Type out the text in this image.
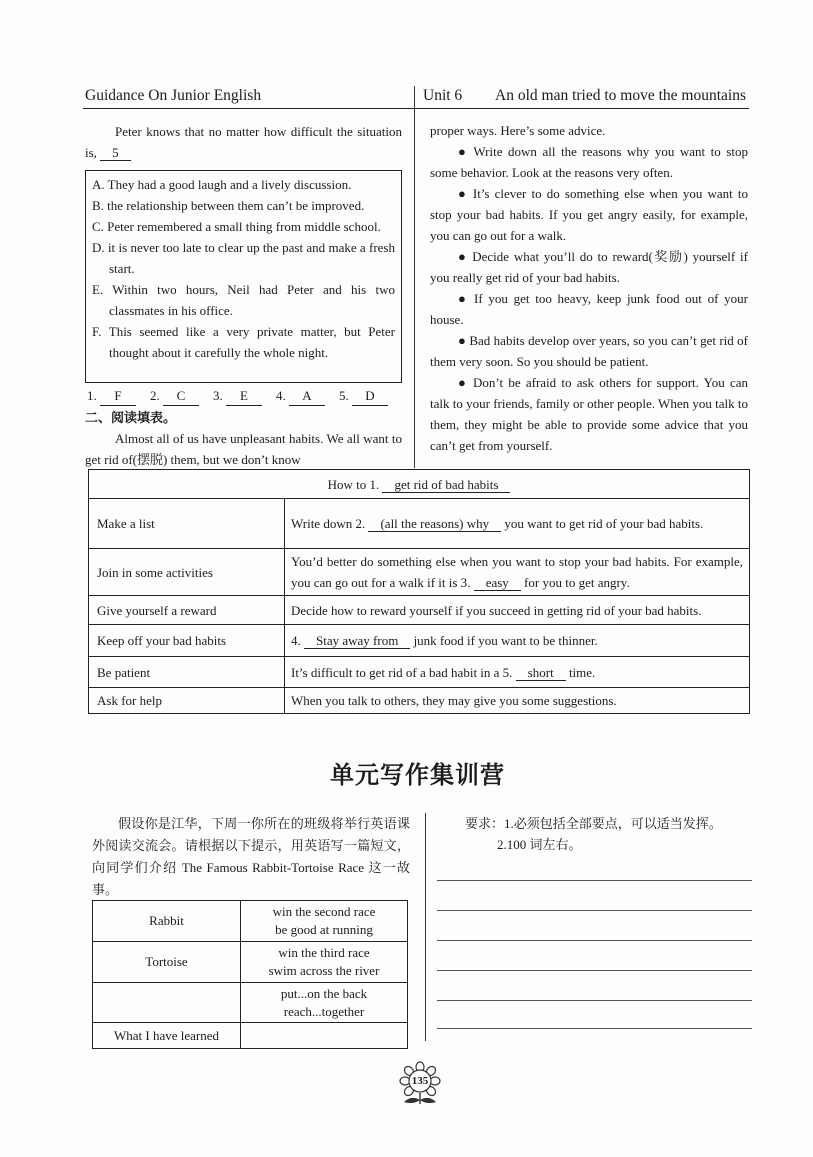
Guidance On Junior English	Unit 6 An old man tried to move the mountains
Peter knows that no matter how difficult the situation is, 5

A. They had a good laugh and a lively discussion.

B. the relationship between them can’t be improved.

C. Peter remembered a small thing from middle school.

D. it is never too late to clear up the past and make a fresh start.

E. Within two hours, Neil had Peter and his two classmates in his office.

F. This seemed like a very private matter, but Peter thought about it carefully the whole night.

1.	F	2.	C	3.	E	4.	A	5.	D
二、阅读填表。

Almost all of us have unpleasant habits. We all want to get rid of(摆脱) them, but we don’t know

proper ways. Here’s some advice.

● Write down all the reasons why you want to stop some behavior. Look at the reasons very often.

● It’s clever to do something else when you want to stop your bad habits. If you get angry easily, for example, you can go out for a walk.

● Decide what you’ll do to reward(奖励) yourself if you really get rid of your bad habits.

● If you get too heavy, keep junk food out of your house.

● Bad habits develop over years, so you can’t get rid of them very soon. So you should be patient.

● Don’t be afraid to ask others for support. You can talk to your friends, family or other people. When you talk to them, they might be able to provide some advice that you can’t get from yourself.

How to 1. get rid of bad habits	
Make a list	Write down 2. (all the reasons) why you want to get rid of your bad habits.
Join in some activities	You’d better do something else when you want to stop your bad habits. For example, you can go out for a walk if it is 3. easy for you to get angry.
Give yourself a reward	Decide how to reward yourself if you succeed in getting rid of your bad habits.
Keep off your bad habits	4. Stay away from junk food if you want to be thinner.
Be patient	It’s difficult to get rid of a bad habit in a 5. short time.
Ask for help	When you talk to others, they may give you some suggestions.
单元写作集训营

假设你是江华，下周一你所在的班级将举行英语课外阅读交流会。请根据以下提示，用英语写一篇短文，向同学们介绍 The Famous Rabbit-Tortoise Race 这一故事。

Rabbit	win the second race
be good at running

Tortoise	win the third race
swim across the river

	put...on the back
reach...together

What I have learned	
要求：1.必须包括全部要点，可以适当发挥。
2.100 词左右。
135
